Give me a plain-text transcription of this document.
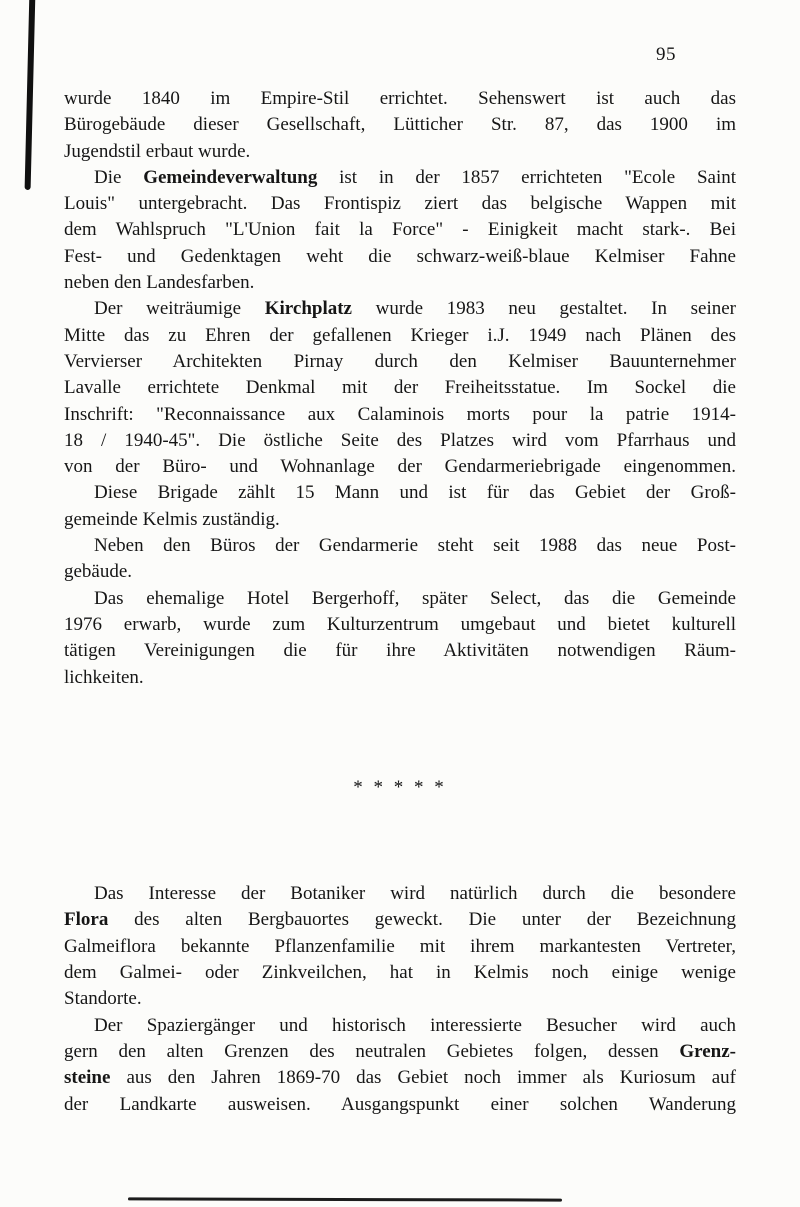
95
wurde 1840 im Empire-Stil errichtet. Sehenswert ist auch das
Bürogebäude dieser Gesellschaft, Lütticher Str. 87, das 1900 im
Jugendstil erbaut wurde.
Die Gemeindeverwaltung ist in der 1857 errichteten "Ecole Saint
Louis" untergebracht. Das Frontispiz ziert das belgische Wappen mit
dem Wahlspruch "L'Union fait la Force" - Einigkeit macht stark-. Bei
Fest- und Gedenktagen weht die schwarz-weiß-blaue Kelmiser Fahne
neben den Landesfarben.
Der weiträumige Kirchplatz wurde 1983 neu gestaltet. In seiner
Mitte das zu Ehren der gefallenen Krieger i.J. 1949 nach Plänen des
Vervierser Architekten Pirnay durch den Kelmiser Bauunternehmer
Lavalle errichtete Denkmal mit der Freiheitsstatue. Im Sockel die
Inschrift: "Reconnaissance aux Calaminois morts pour la patrie 1914-
18 / 1940-45". Die östliche Seite des Platzes wird vom Pfarrhaus und
von der Büro- und Wohnanlage der Gendarmeriebrigade eingenommen.
Diese Brigade zählt 15 Mann und ist für das Gebiet der Groß-
gemeinde Kelmis zuständig.
Neben den Büros der Gendarmerie steht seit 1988 das neue Post-
gebäude.
Das ehemalige Hotel Bergerhoff, später Select, das die Gemeinde
1976 erwarb, wurde zum Kulturzentrum umgebaut und bietet kulturell
tätigen Vereinigungen die für ihre Aktivitäten notwendigen Räum-
lichkeiten.
* * * * *
Das Interesse der Botaniker wird natürlich durch die besondere
Flora des alten Bergbauortes geweckt. Die unter der Bezeichnung
Galmeiflora bekannte Pflanzenfamilie mit ihrem markantesten Vertreter,
dem Galmei- oder Zinkveilchen, hat in Kelmis noch einige wenige
Standorte.
Der Spaziergänger und historisch interessierte Besucher wird auch
gern den alten Grenzen des neutralen Gebietes folgen, dessen Grenz-
steine aus den Jahren 1869-70 das Gebiet noch immer als Kuriosum auf
der Landkarte ausweisen. Ausgangspunkt einer solchen Wanderung
